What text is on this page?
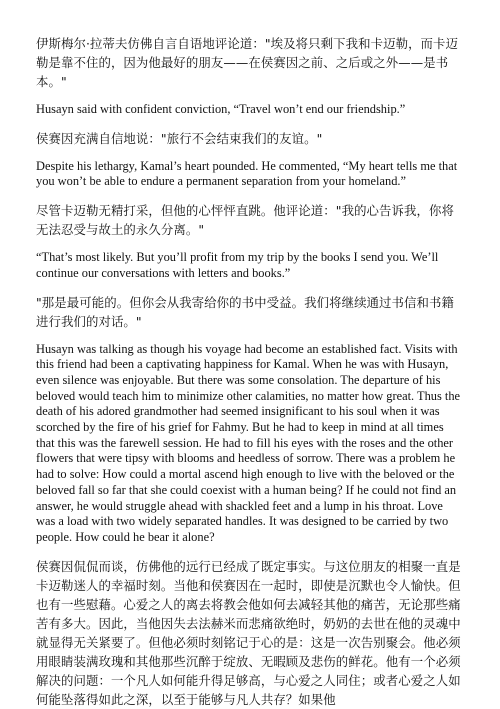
伊斯梅尔·拉蒂夫仿佛自言自语地评论道："埃及将只剩下我和卡迈勒，而卡迈勒是靠不住的，因为他最好的朋友——在侯赛因之前、之后或之外——是书本。"

Husayn said with confident conviction, “Travel won’t end our friendship.”

侯赛因充满自信地说："旅行不会结束我们的友谊。"

Despite his lethargy, Kamal’s heart pounded. He commented, “My heart tells me that you won’t be able to endure a permanent separation from your homeland.”

尽管卡迈勒无精打采，但他的心怦怦直跳。他评论道："我的心告诉我，你将无法忍受与故土的永久分离。"

“That’s most likely. But you’ll profit from my trip by the books I send you. We’ll continue our conversations with letters and books.”

"那是最可能的。但你会从我寄给你的书中受益。我们将继续通过书信和书籍进行我们的对话。"

Husayn was talking as though his voyage had become an established fact. Visits with this friend had been a captivating happiness for Kamal. When he was with Husayn, even silence was enjoyable. But there was some consolation. The departure of his beloved would teach him to minimize other calamities, no matter how great. Thus the death of his adored grandmother had seemed insignificant to his soul when it was scorched by the fire of his grief for Fahmy. But he had to keep in mind at all times that this was the farewell session. He had to fill his eyes with the roses and the other flowers that were tipsy with blooms and heedless of sorrow. There was a problem he had to solve: How could a mortal ascend high enough to live with the beloved or the beloved fall so far that she could coexist with a human being? If he could not find an answer, he would struggle ahead with shackled feet and a lump in his throat. Love was a load with two widely separated handles. It was designed to be carried by two people. How could he bear it alone?

侯赛因侃侃而谈，仿佛他的远行已经成了既定事实。与这位朋友的相聚一直是卡迈勒迷人的幸福时刻。当他和侯赛因在一起时，即使是沉默也令人愉快。但也有一些慰藉。心爱之人的离去将教会他如何去减轻其他的痛苦，无论那些痛苦有多大。因此，当他因失去法赫米而悲痛欲绝时，奶奶的去世在他的灵魂中就显得无关紧要了。但他必须时刻铭记于心的是：这是一次告别聚会。他必须用眼睛装满玫瑰和其他那些沉醉于绽放、无暇顾及悲伤的鲜花。他有一个必须解决的问题：一个凡人如何能升得足够高，与心爱之人同住；或者心爱之人如何能坠落得如此之深，以至于能够与凡人共存？如果他
